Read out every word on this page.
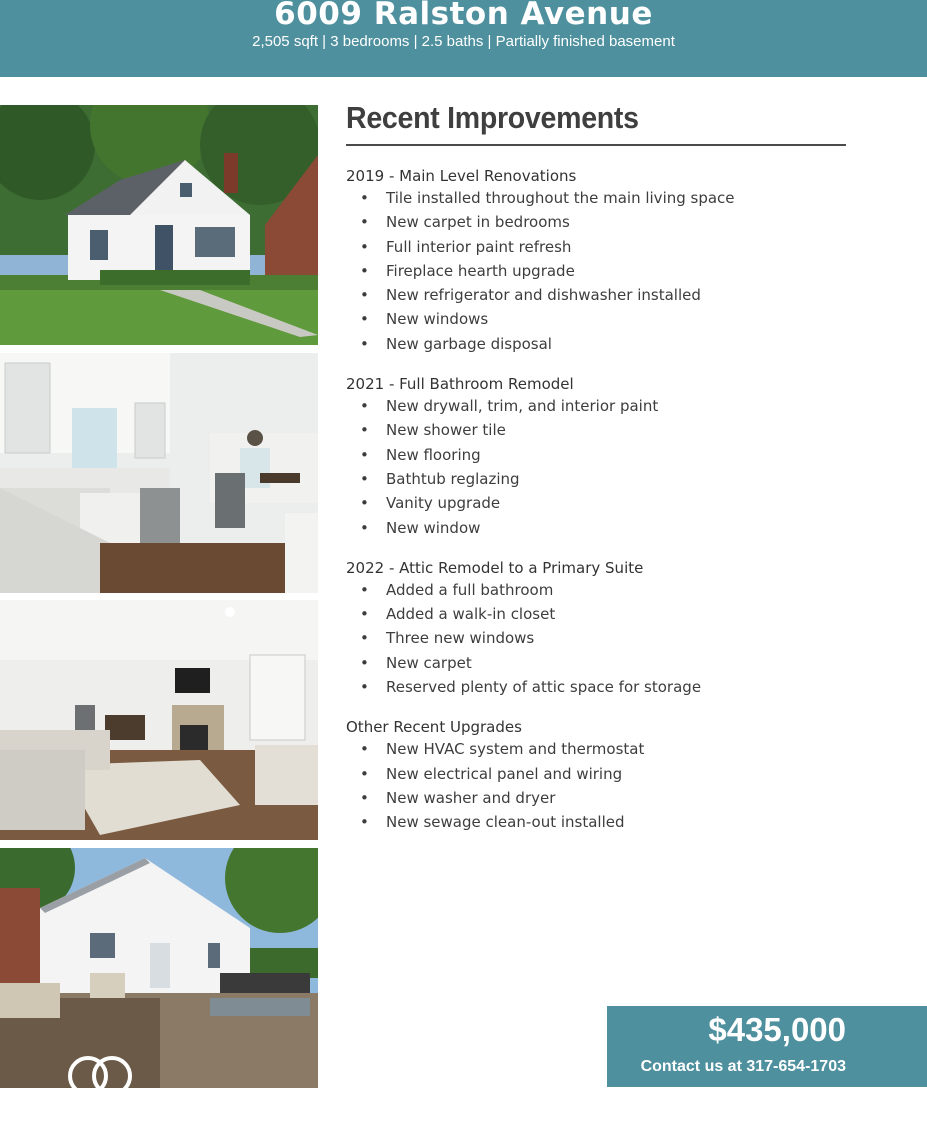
6009 Ralston Avenue
2,505 sqft | 3 bedrooms | 2.5 baths | Partially finished basement
Recent Improvements
2019 - Main Level Renovations
• Tile installed throughout the main living space
• New carpet in bedrooms
• Full interior paint refresh
• Fireplace hearth upgrade
• New refrigerator and dishwasher installed
• New windows
• New garbage disposal
2021 - Full Bathroom Remodel
• New drywall, trim, and interior paint
• New shower tile
• New flooring
• Bathtub reglazing
• Vanity upgrade
• New window
2022 - Attic Remodel to a Primary Suite
• Added a full bathroom
• Added a walk-in closet
• Three new windows
• New carpet
• Reserved plenty of attic space for storage
Other Recent Upgrades
• New HVAC system and thermostat
• New electrical panel and wiring
• New washer and dryer
• New sewage clean-out installed
$435,000
Contact us at 317-654-1703
